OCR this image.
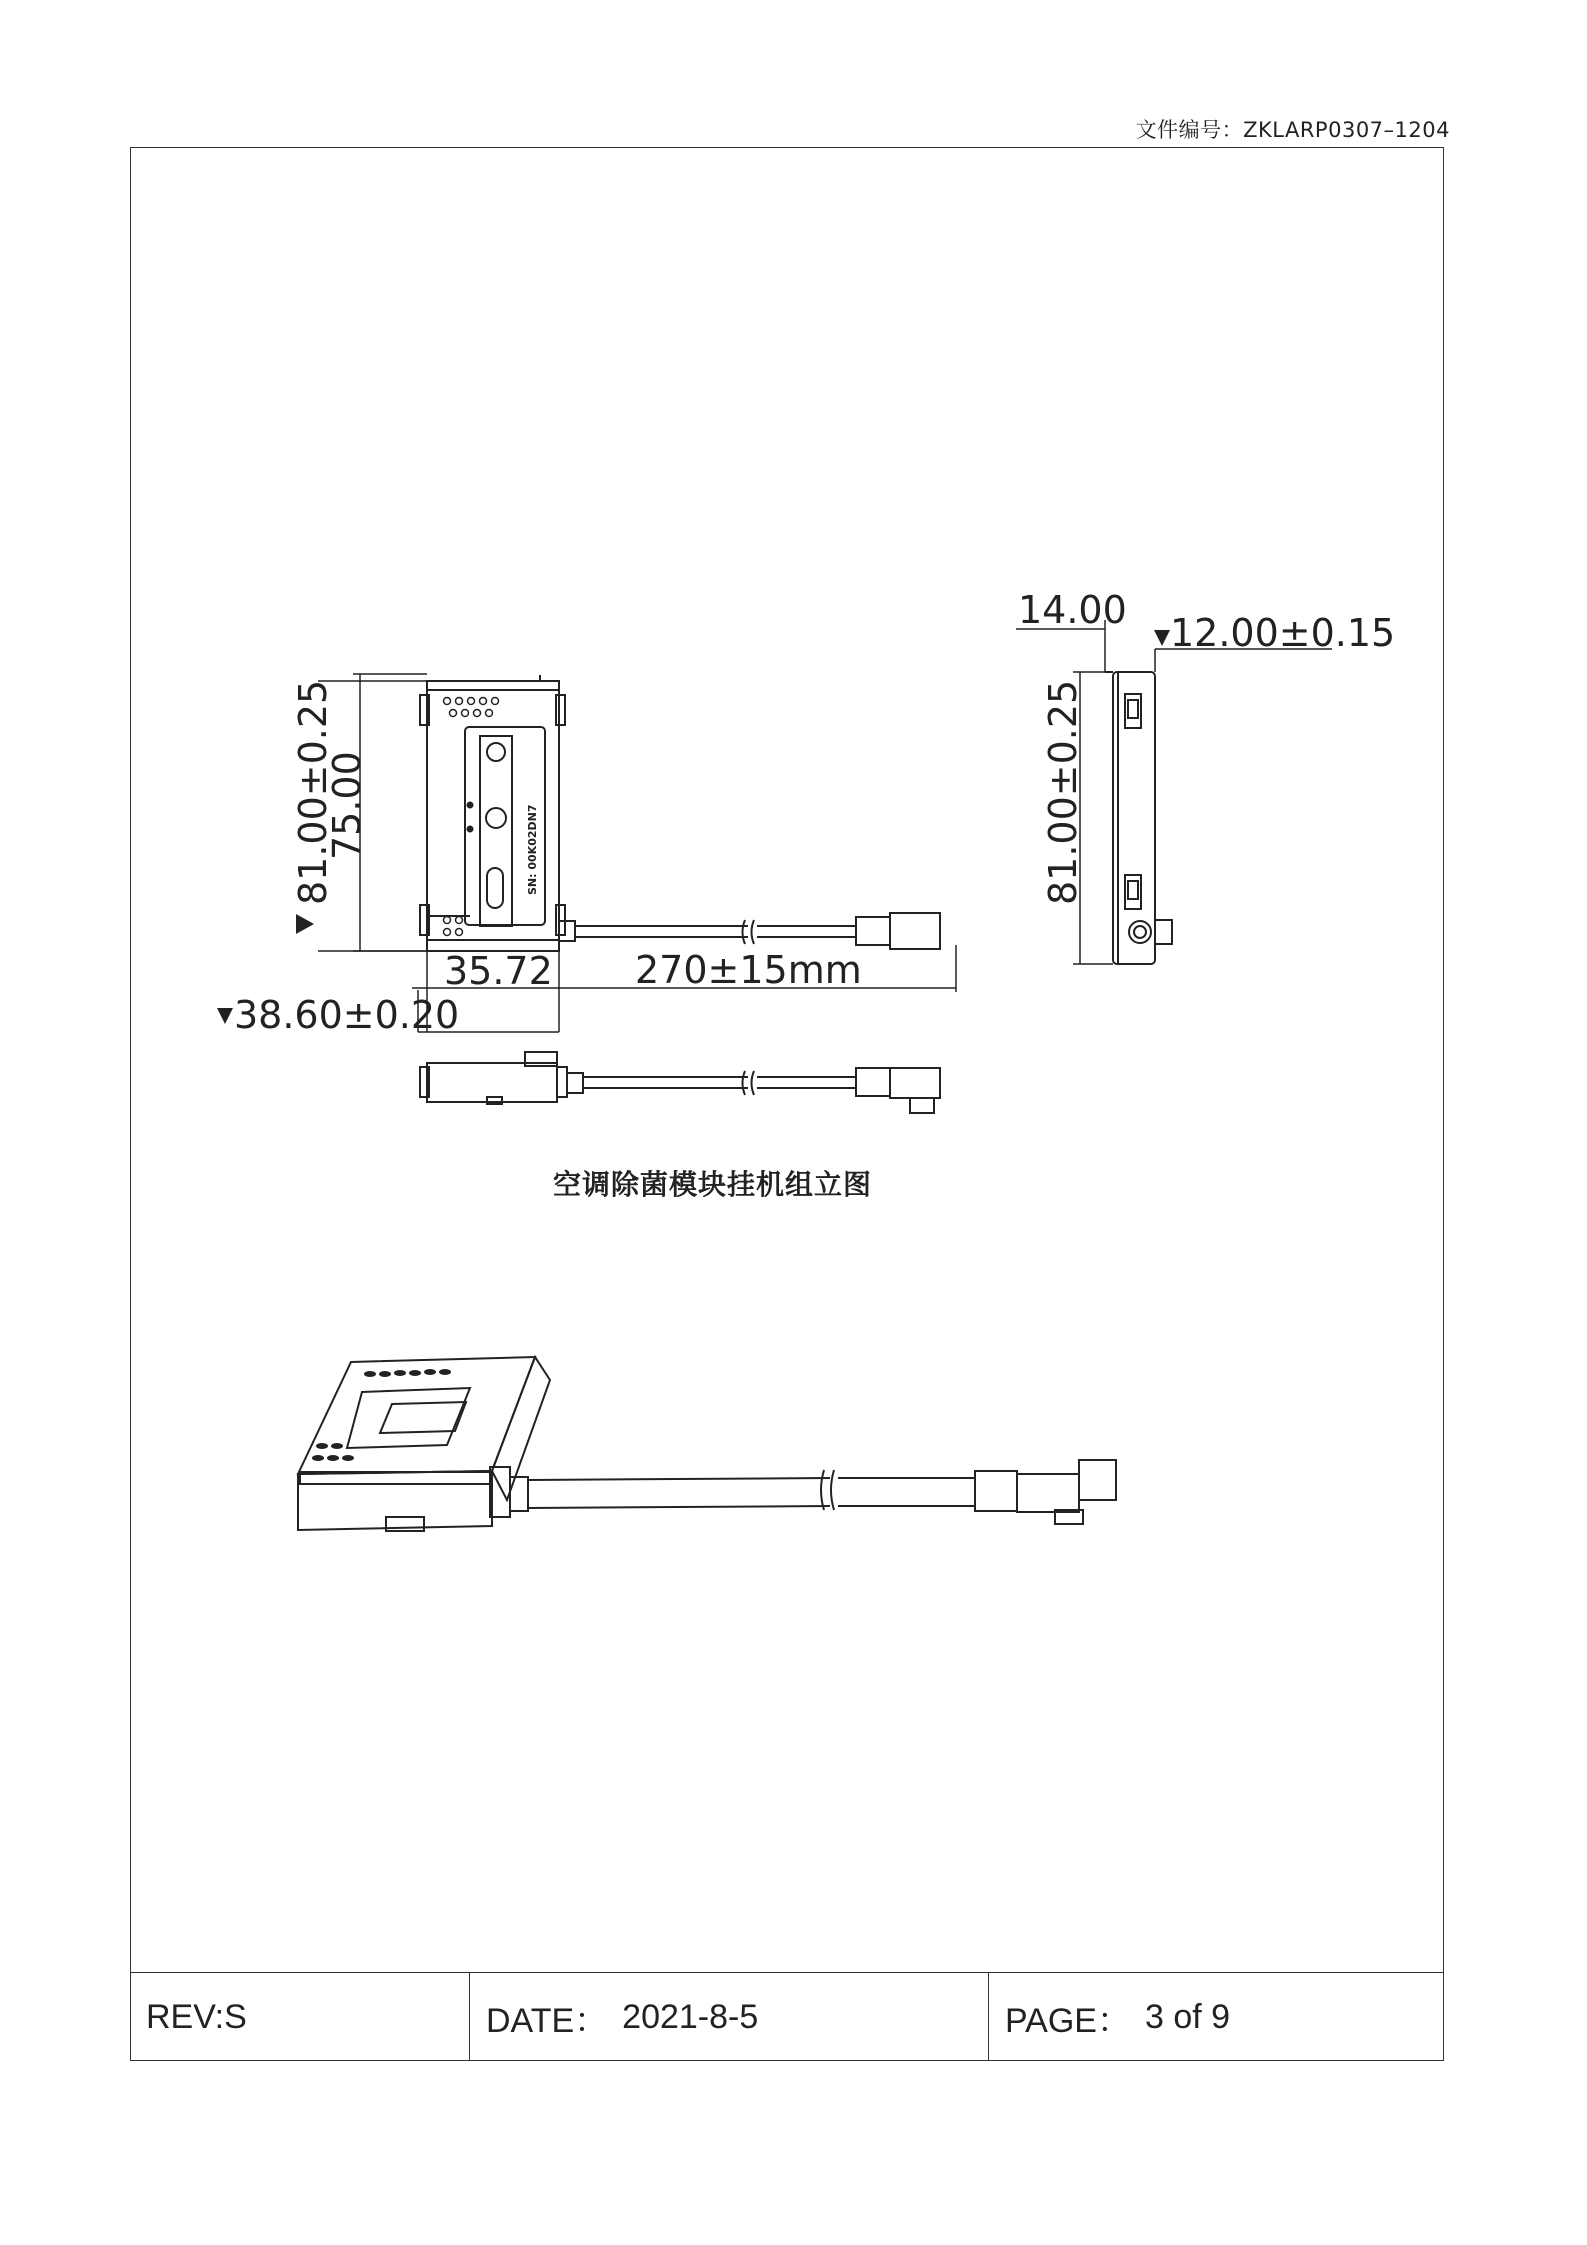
文件编号：ZKLARP0307–1204
81.00±0.25
75.00
35.72 270±15mm
38.60±0.20
14.00
12.00±0.15
81.00±0.25
SN: 00K02DN7
空调除菌模块挂机组立图
REV:S	DATE： 2021-8-5	PAGE： 3 of 9
